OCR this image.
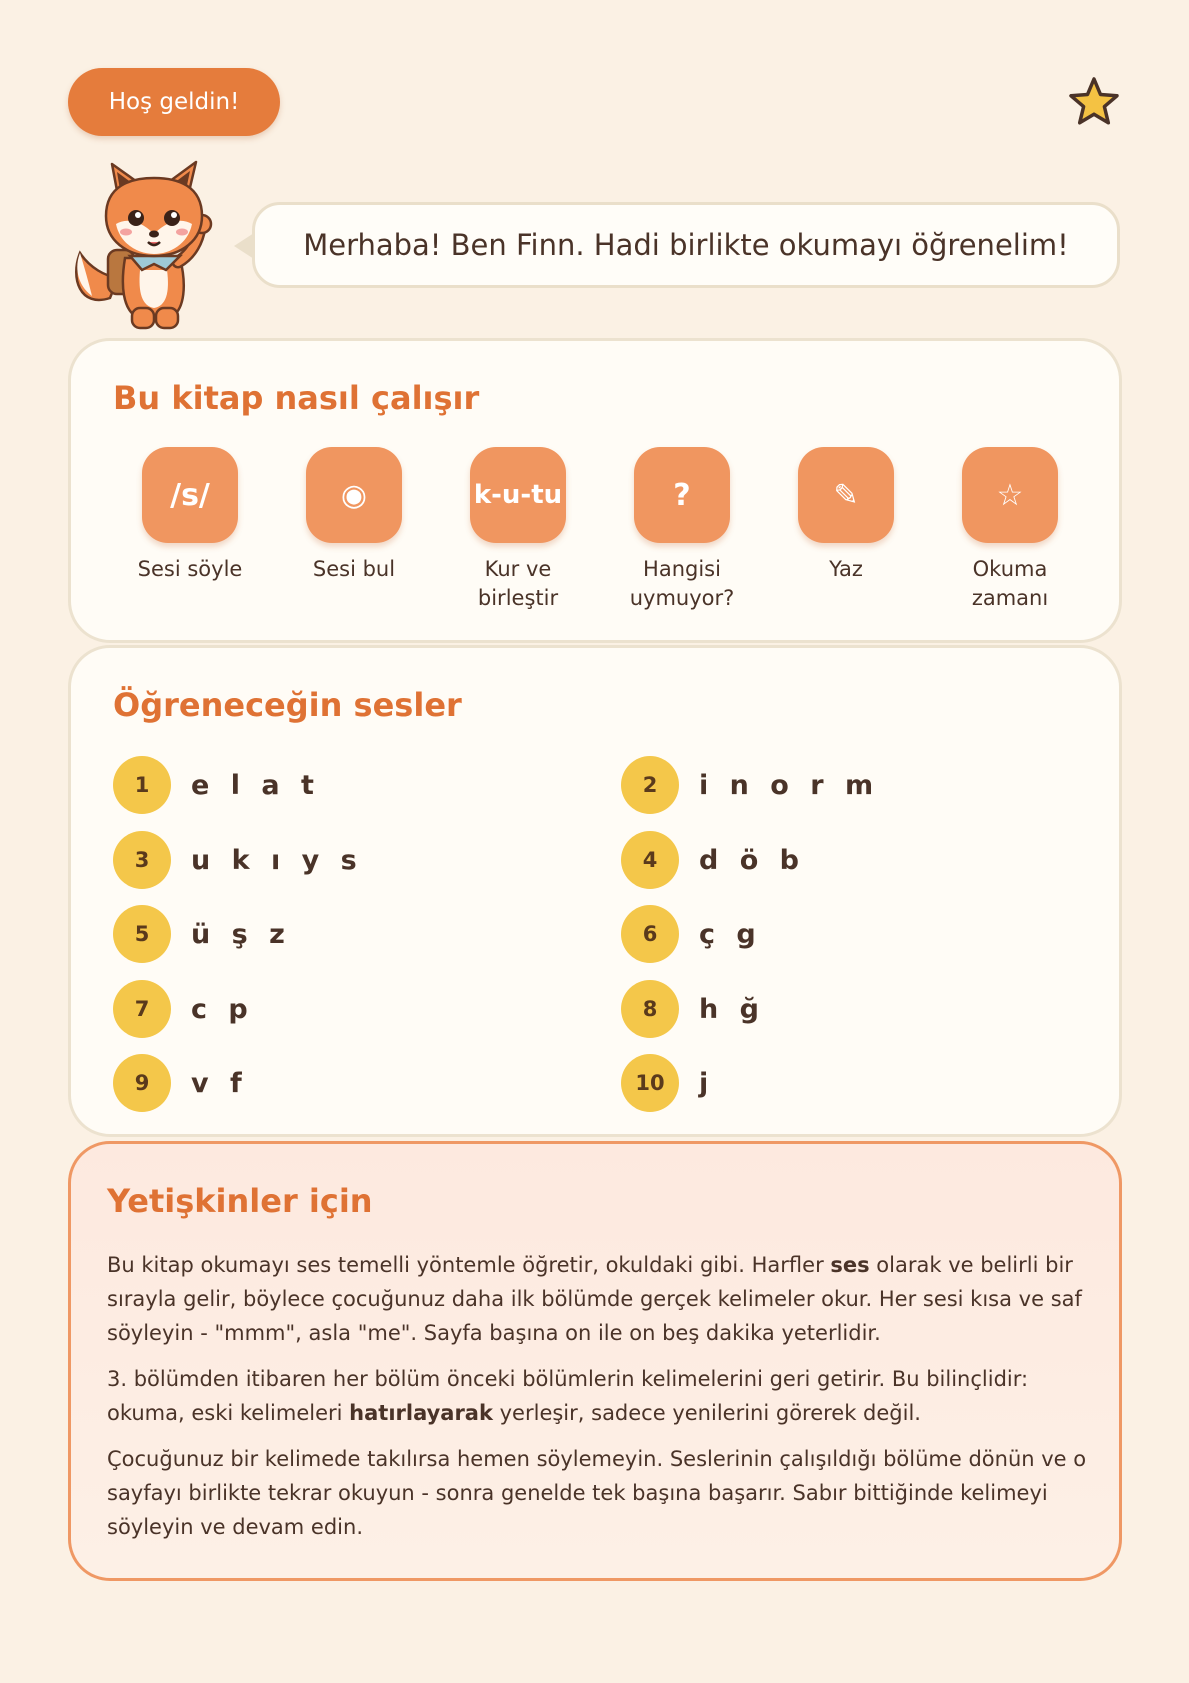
Hoş geldin!
Merhaba! Ben Finn. Hadi birlikte okumayı öğrenelim!
Bu kitap nasıl çalışır
/s/
Sesi söyle
◉
Sesi bul
k-u-tu
Kur ve birleştir
?
Hangisi uymuyor?
✎
Yaz
☆
Okuma zamanı
Öğreneceğin sesler
1	e l a t	2	i n o r m
3	u k ı y s	4	d ö b
5	ü ş z	6	ç g
7	c p	8	h ğ
9	v f	10	j
Yetişkinler için

Bu kitap okumayı ses temelli yöntemle öğretir, okuldaki gibi. Harfler ses olarak ve belirli bir sırayla gelir, böylece çocuğunuz daha ilk bölümde gerçek kelimeler okur. Her sesi kısa ve saf söyleyin - "mmm", asla "me". Sayfa başına on ile on beş dakika yeterlidir.

3. bölümden itibaren her bölüm önceki bölümlerin kelimelerini geri getirir. Bu bilinçlidir: okuma, eski kelimeleri hatırlayarak yerleşir, sadece yenilerini görerek değil.

Çocuğunuz bir kelimede takılırsa hemen söylemeyin. Seslerinin çalışıldığı bölüme dönün ve o sayfayı birlikte tekrar okuyun - sonra genelde tek başına başarır. Sabır bittiğinde kelimeyi söyleyin ve devam edin.
